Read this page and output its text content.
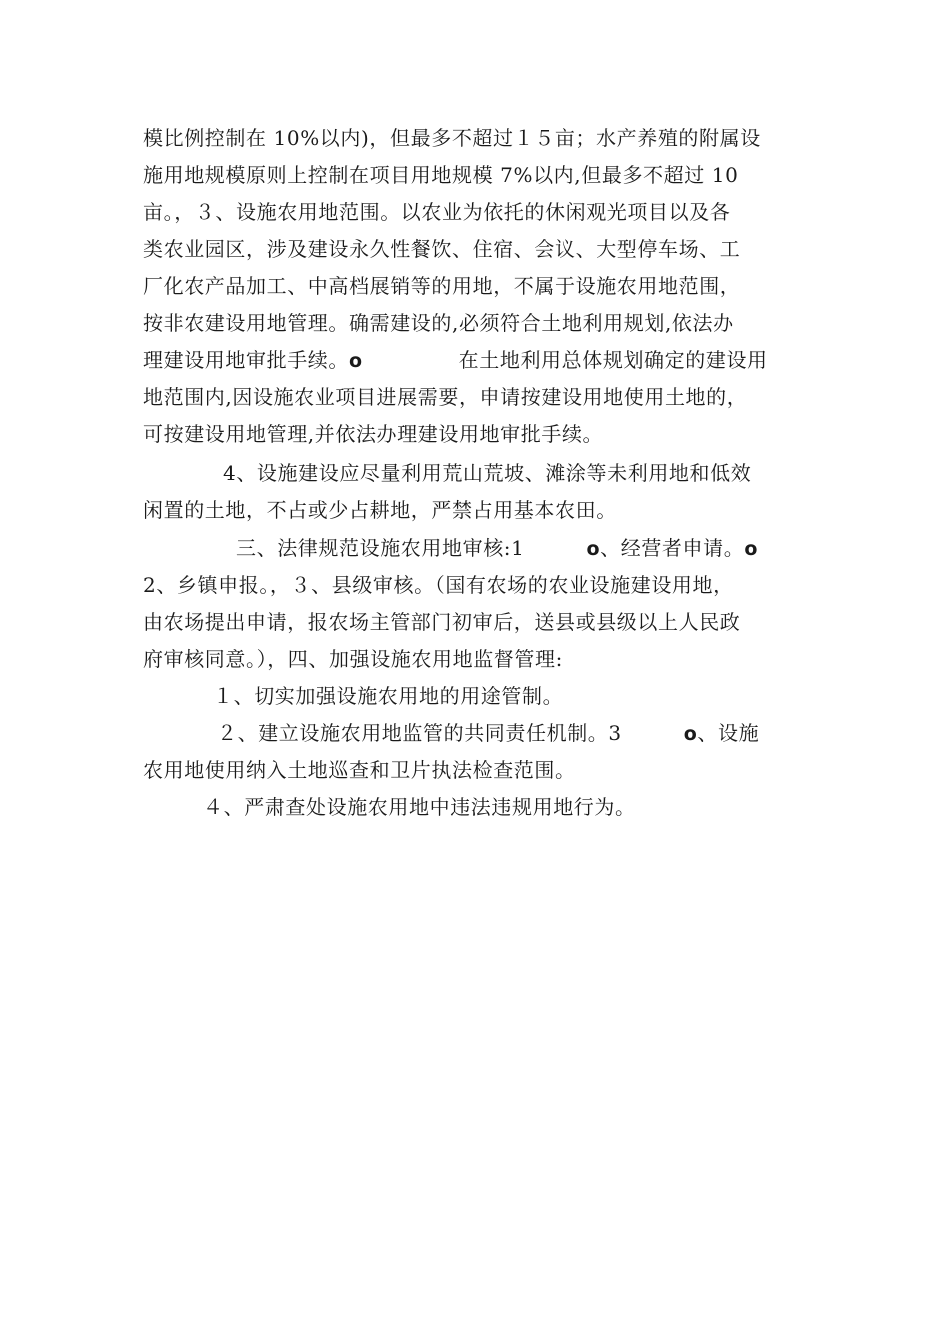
模比例控制在 10%以内)，但最多不超过１５亩；水产养殖的附属设
施用地规模原则上控制在项目用地规模 7%以内,但最多不超过 10
亩。，３、设施农用地范围。以农业为依托的休闲观光项目以及各
类农业园区，涉及建设永久性餐饮、住宿、会议、大型停车场、工
厂化农产品加工、中高档展销等的用地，不属于设施农用地范围，
按非农建设用地管理。确需建设的,必须符合土地利用规划,依法办
理建设用地审批手续。o	在土地利用总体规划确定的建设用
地范围内,因设施农业项目进展需要，申请按建设用地使用土地的，
可按建设用地管理,并依法办理建设用地审批手续。
4、设施建设应尽量利用荒山荒坡、滩涂等未利用地和低效
闲置的土地，不占或少占耕地，严禁占用基本农田。
三、法律规范设施农用地审核:1	o、经营者申请。o
2、乡镇申报。，３、县级审核。（国有农场的农业设施建设用地，
由农场提出申请，报农场主管部门初审后，送县或县级以上人民政
府审核同意。），四、加强设施农用地监督管理:
１、切实加强设施农用地的用途管制。
２、建立设施农用地监管的共同责任机制。3	o、设施
农用地使用纳入土地巡查和卫片执法检查范围。
４、严肃查处设施农用地中违法违规用地行为。
